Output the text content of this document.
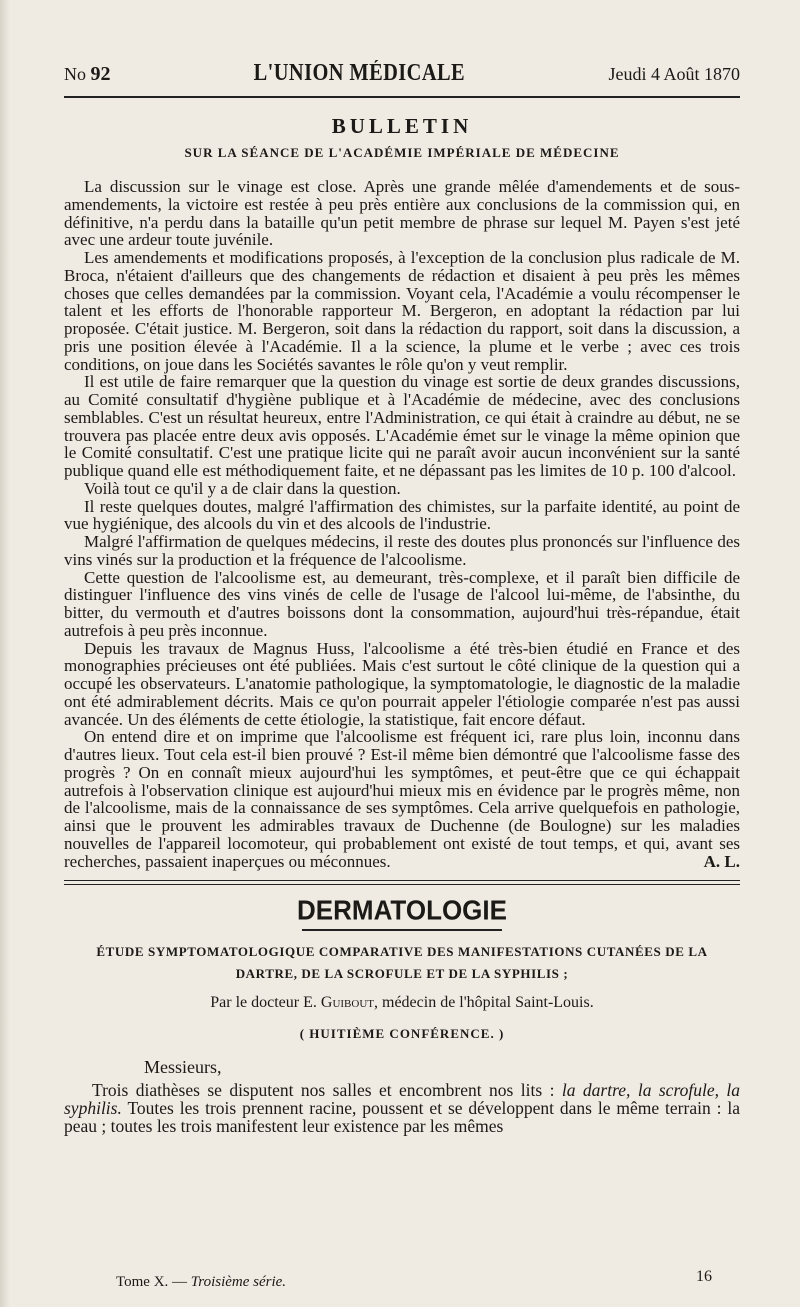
No 92	L'UNION MÉDICALE	Jeudi 4 Août 1870
BULLETIN
SUR LA SÉANCE DE L'ACADÉMIE IMPÉRIALE DE MÉDECINE

La discussion sur le vinage est close. Après une grande mêlée d'amendements et de sous-amendements, la victoire est restée à peu près entière aux conclusions de la commission qui, en définitive, n'a perdu dans la bataille qu'un petit membre de phrase sur lequel M. Payen s'est jeté avec une ardeur toute juvénile.

Les amendements et modifications proposés, à l'exception de la conclusion plus radicale de M. Broca, n'étaient d'ailleurs que des changements de rédaction et disaient à peu près les mêmes choses que celles demandées par la commission. Voyant cela, l'Académie a voulu récompenser le talent et les efforts de l'honorable rapporteur M. Bergeron, en adoptant la rédaction par lui proposée. C'était justice. M. Bergeron, soit dans la rédaction du rapport, soit dans la discussion, a pris une position élevée à l'Académie. Il a la science, la plume et le verbe ; avec ces trois conditions, on joue dans les Sociétés savantes le rôle qu'on y veut remplir.

Il est utile de faire remarquer que la question du vinage est sortie de deux grandes discussions, au Comité consultatif d'hygiène publique et à l'Académie de médecine, avec des conclusions semblables. C'est un résultat heureux, entre l'Administration, ce qui était à craindre au début, ne se trouvera pas placée entre deux avis opposés. L'Académie émet sur le vinage la même opinion que le Comité consultatif. C'est une pratique licite qui ne paraît avoir aucun inconvénient sur la santé publique quand elle est méthodiquement faite, et ne dépassant pas les limites de 10 p. 100 d'alcool.

Voilà tout ce qu'il y a de clair dans la question.

Il reste quelques doutes, malgré l'affirmation des chimistes, sur la parfaite identité, au point de vue hygiénique, des alcools du vin et des alcools de l'industrie.

Malgré l'affirmation de quelques médecins, il reste des doutes plus prononcés sur l'influence des vins vinés sur la production et la fréquence de l'alcoolisme.

Cette question de l'alcoolisme est, au demeurant, très-complexe, et il paraît bien difficile de distinguer l'influence des vins vinés de celle de l'usage de l'alcool lui-même, de l'absinthe, du bitter, du vermouth et d'autres boissons dont la consommation, aujourd'hui très-répandue, était autrefois à peu près inconnue.

Depuis les travaux de Magnus Huss, l'alcoolisme a été très-bien étudié en France et des monographies précieuses ont été publiées. Mais c'est surtout le côté clinique de la question qui a occupé les observateurs. L'anatomie pathologique, la symptomatologie, le diagnostic de la maladie ont été admirablement décrits. Mais ce qu'on pourrait appeler l'étiologie comparée n'est pas aussi avancée. Un des éléments de cette étiologie, la statistique, fait encore défaut.

On entend dire et on imprime que l'alcoolisme est fréquent ici, rare plus loin, inconnu dans d'autres lieux. Tout cela est-il bien prouvé ? Est-il même bien démontré que l'alcoolisme fasse des progrès ? On en connaît mieux aujourd'hui les symptômes, et peut-être que ce qui échappait autrefois à l'observation clinique est aujourd'hui mieux mis en évidence par le progrès même, non de l'alcoolisme, mais de la connaissance de ses symptômes. Cela arrive quelquefois en pathologie, ainsi que le prouvent les admirables travaux de Duchenne (de Boulogne) sur les maladies nouvelles de l'appareil locomoteur, qui probablement ont existé de tout temps, et qui, avant ses recherches, passaient inaperçues ou méconnues.	A. L.

DERMATOLOGIE
ÉTUDE SYMPTOMATOLOGIQUE COMPARATIVE DES MANIFESTATIONS CUTANÉES DE LA
DARTRE, DE LA SCROFULE ET DE LA SYPHILIS ;
Par le docteur E. Guibout, médecin de l'hôpital Saint-Louis.
( HUITIÈME CONFÉRENCE. )
Messieurs,
Trois diathèses se disputent nos salles et encombrent nos lits : la dartre, la scrofule, la syphilis. Toutes les trois prennent racine, poussent et se développent dans le même terrain : la peau ; toutes les trois manifestent leur existence par les mêmes
Tome X. — Troisième série.	16
